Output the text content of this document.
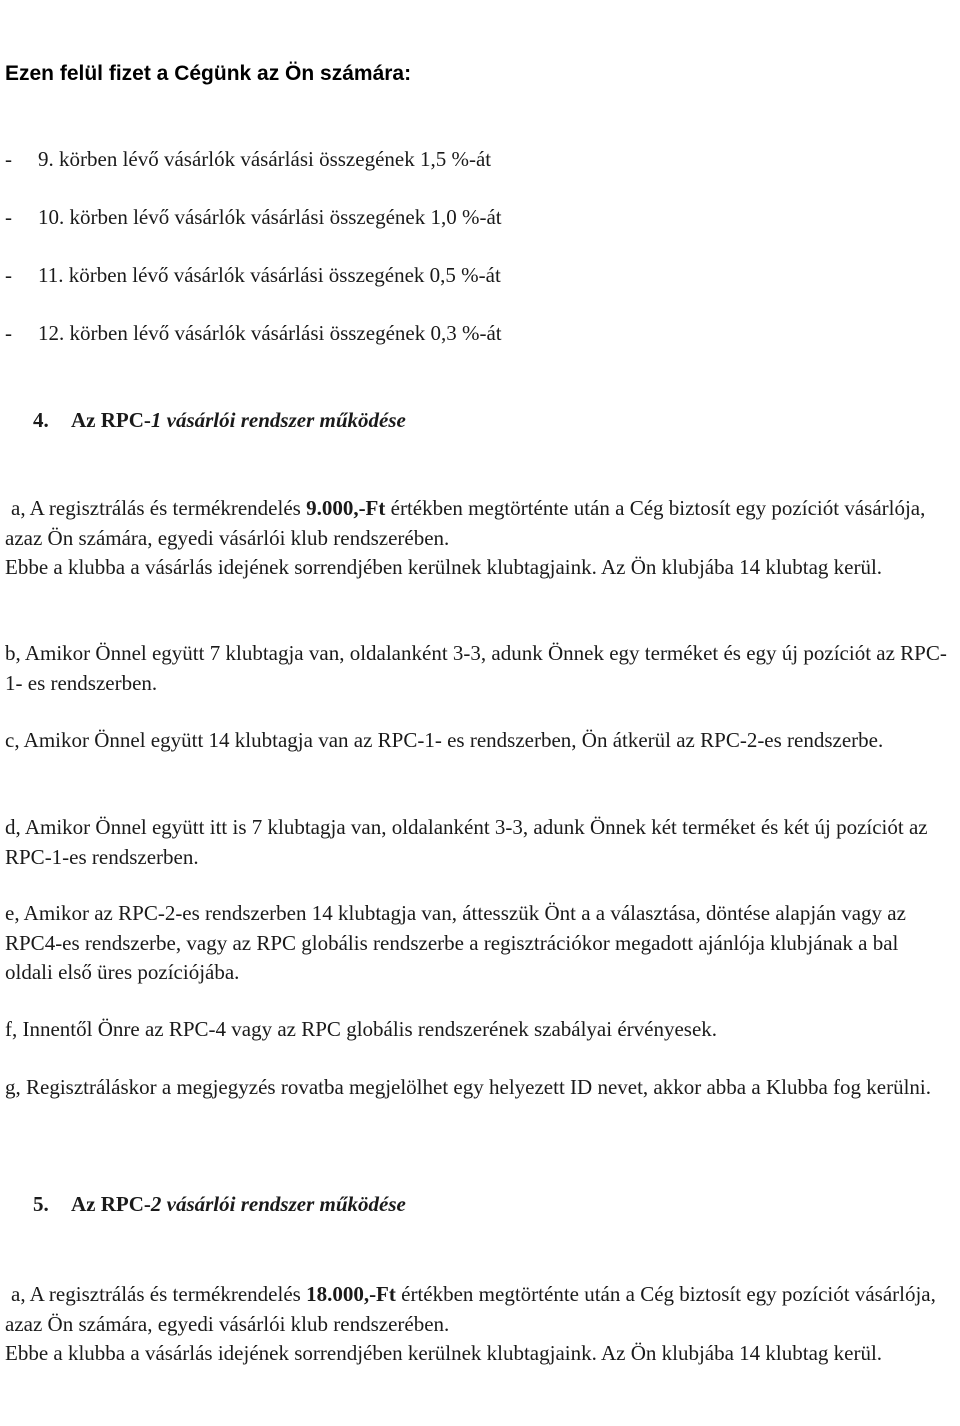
Ezen felül fizet a Cégünk az Ön számára:
- 9. körben lévő vásárlók vásárlási összegének 1,5 %-át
- 10. körben lévő vásárlók vásárlási összegének 1,0 %-át
- 11. körben lévő vásárlók vásárlási összegének 0,5 %-át
- 12. körben lévő vásárlók vásárlási összegének 0,3 %-át
4. Az RPC-1 vásárlói rendszer működése

a, A regisztrálás és termékrendelés 9.000,-Ft értékben megtörténte után a Cég biztosít egy pozíciót vásárlója, azaz Ön számára, egyedi vásárlói klub rendszerében.
Ebbe a klubba a vásárlás idejének sorrendjében kerülnek klubtagjaink. Az Ön klubjába 14 klubtag kerül.

b, Amikor Önnel együtt 7 klubtagja van, oldalanként 3-3, adunk Önnek egy terméket és egy új pozíciót az RPC-1- es rendszerben.

c, Amikor Önnel együtt 14 klubtagja van az RPC-1- es rendszerben, Ön átkerül az RPC-2-es rendszerbe.

d, Amikor Önnel együtt itt is 7 klubtagja van, oldalanként 3-3, adunk Önnek két terméket és két új pozíciót az RPC-1-es rendszerben.

e, Amikor az RPC-2-es rendszerben 14 klubtagja van, áttesszük Önt a a választása, döntése alapján vagy az RPC4-es rendszerbe, vagy az RPC globális rendszerbe a regisztrációkor megadott ajánlója klubjának a bal oldali első üres pozíciójába.

f, Innentől Önre az RPC-4 vagy az RPC globális rendszerének szabályai érvényesek.

g, Regisztráláskor a megjegyzés rovatba megjelölhet egy helyezett ID nevet, akkor abba a Klubba fog kerülni.

5. Az RPC-2 vásárlói rendszer működése

a, A regisztrálás és termékrendelés 18.000,-Ft értékben megtörténte után a Cég biztosít egy pozíciót vásárlója, azaz Ön számára, egyedi vásárlói klub rendszerében.
Ebbe a klubba a vásárlás idejének sorrendjében kerülnek klubtagjaink. Az Ön klubjába 14 klubtag kerül.
